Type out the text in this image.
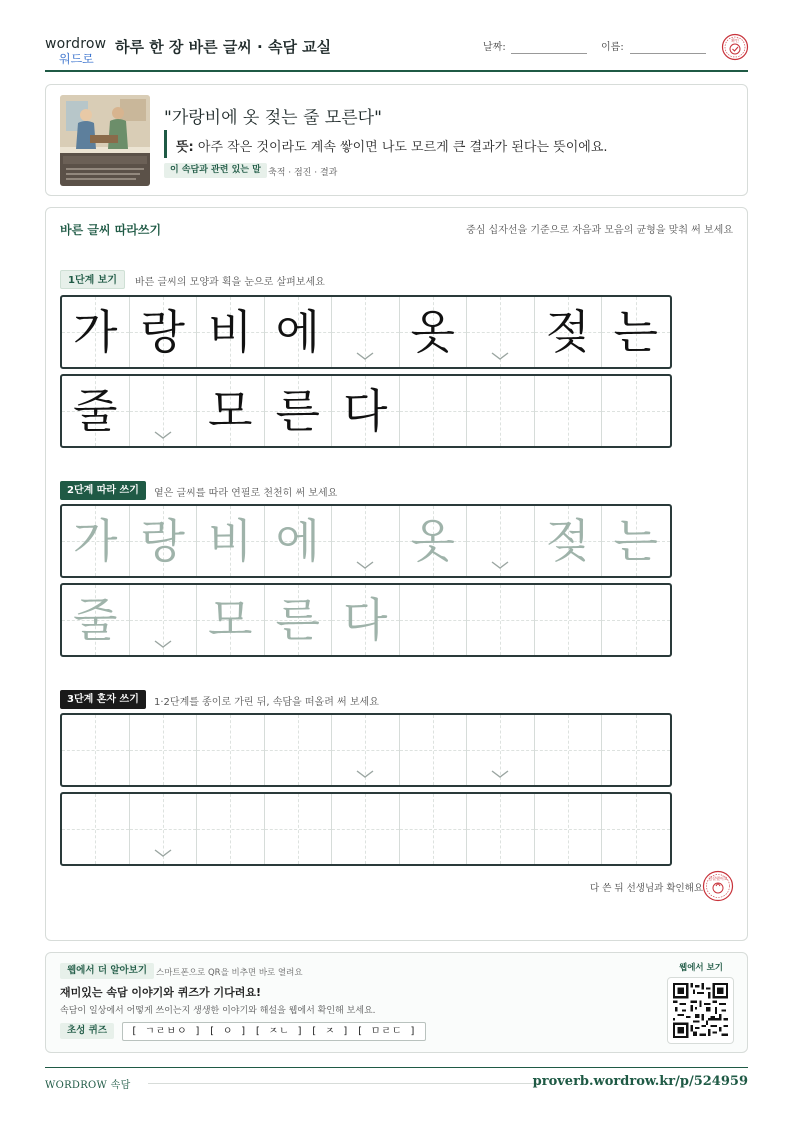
wordrow
워드로
하루 한 장 바른 글씨 · 속담 교실	날짜:	이름:
확인
"가랑비에 옷 젖는 줄 모른다"
뜻: 아주 작은 것이라도 계속 쌓이면 나도 모르게 큰 결과가 된다는 뜻이에요.
이 속담과 관련 있는 말 축적 · 점진 · 결과
바른 글씨 따라쓰기	중심 십자선을 기준으로 자음과 모음의 균형을 맞춰 써 보세요
1단계 보기	바른 글씨의 모양과 획을 눈으로 살펴보세요
2단계 따라 쓰기	옅은 글씨를 따라 연필로 천천히 써 보세요
3단계 혼자 쓰기	1·2단계를 종이로 가린 뒤, 속담을 떠올려 써 보세요
다 쓴 뒤 선생님과 확인해요
참잘했어요
가 랑 비 에 옷 젖 는
줄 모 른 다
가 랑 비 에 옷 젖 는
줄 모 른 다
웹에서 더 알아보기	스마트폰으로 QR을 비추면 바로 열려요
재미있는 속담 이야기와 퀴즈가 기다려요!
속담이 일상에서 어떻게 쓰이는지 생생한 이야기와 해설을 웹에서 확인해 보세요.
초성 퀴즈	[ ㄱㄹㅂㅇ ] [ ㅇ ] [ ㅈㄴ ] [ ㅈ ] [ ㅁㄹㄷ ]
웹에서 보기
WORDROW 속담	proverb.wordrow.kr/p/524959
